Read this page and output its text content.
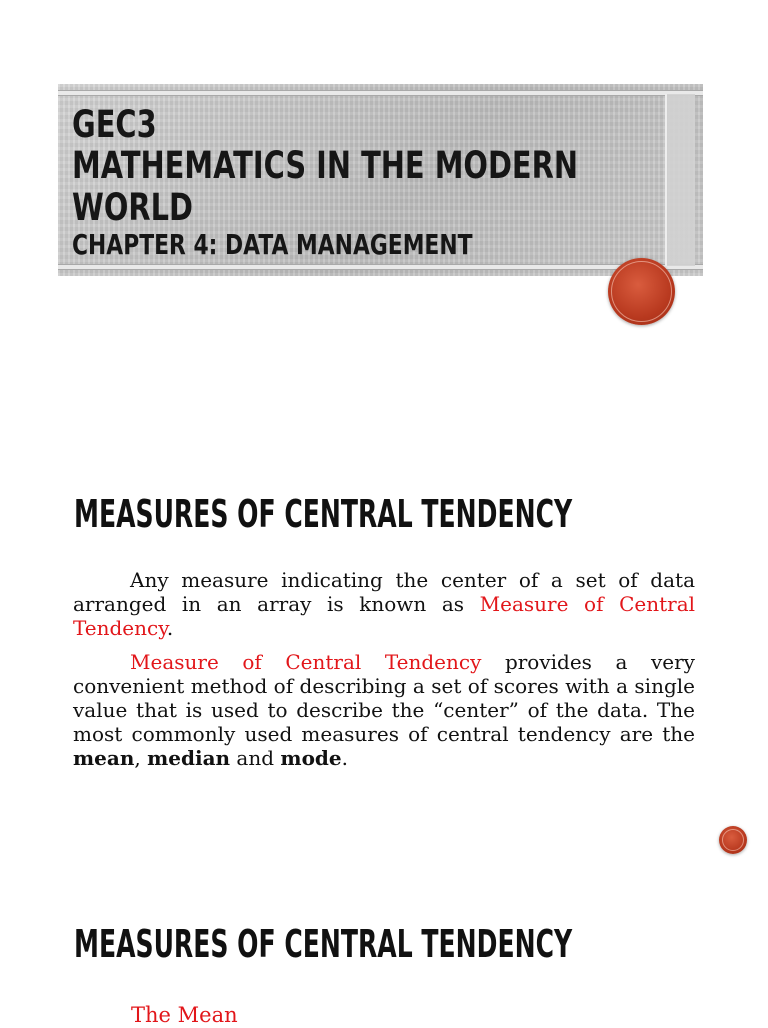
GEC3
MATHEMATICS IN THE MODERN
WORLD
CHAPTER 4: DATA MANAGEMENT
MEASURES OF CENTRAL TENDENCY

Any measure indicating the center of a set of data arranged in an array is known as Measure of Central Tendency.

Measure of Central Tendency provides a very convenient method of describing a set of scores with a single value that is used to describe the “center” of the data. The most commonly used measures of central tendency are the mean, median and mode.

MEASURES OF CENTRAL TENDENCY
The Mean
